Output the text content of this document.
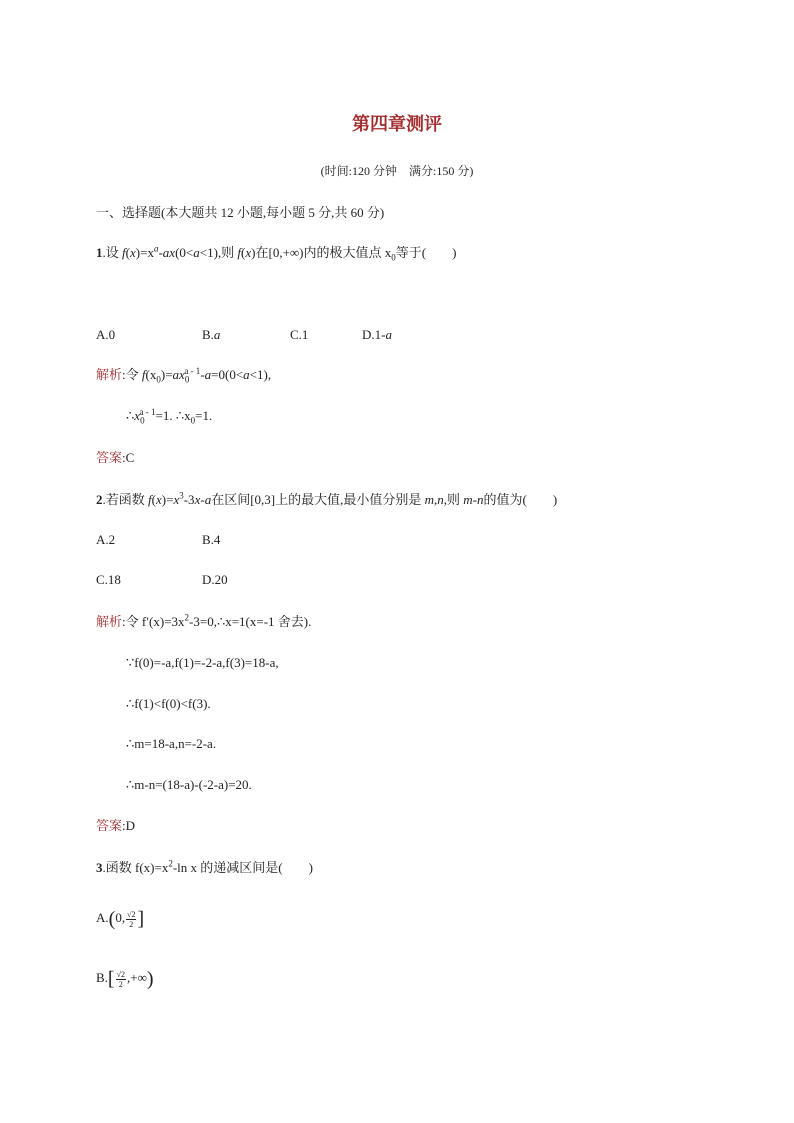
第四章测评
(时间:120 分钟　满分:150 分)
一、选择题(本大题共 12 小题,每小题 5 分,共 60 分)
1.设 $f(x)=x^a-ax(0<a<1)$,则 f(x)在[0,+∞)内的极大值点 $x_0$等于(　　)
A.0	B.a	C.1	D.1-a
解析:令 $f(x_0)=ax_0^{a - 1}-a=0(0<a<1)$,
$\therefore x_0^{a - 1}=1$. $\therefore x_0=1$.
答案:C
2.若函数 $f(x)=x^3-3x-a$在区间[0,3]上的最大值,最小值分别是 m,n,则 m-n的值为(　　)
A.2	B.4
C.18	D.20
解析:令 $f'(x)=3x^2-3=0,\therefore x=1(x=-1$ 舍去).
∵f(0)=-a,f(1)=-2-a,f(3)=18-a,
∴f(1)<f(0)<f(3).
∴m=18-a,n=-2-a.
∴m-n=(18-a)-(-2-a)=20.
答案:D
3.函数 $f(x)=x^2-\ln$ x 的递减区间是(　　)
A.(0, $\frac{√2}{2}$ ]
$B.[ \frac{√2}{2}$ ,+∞)
